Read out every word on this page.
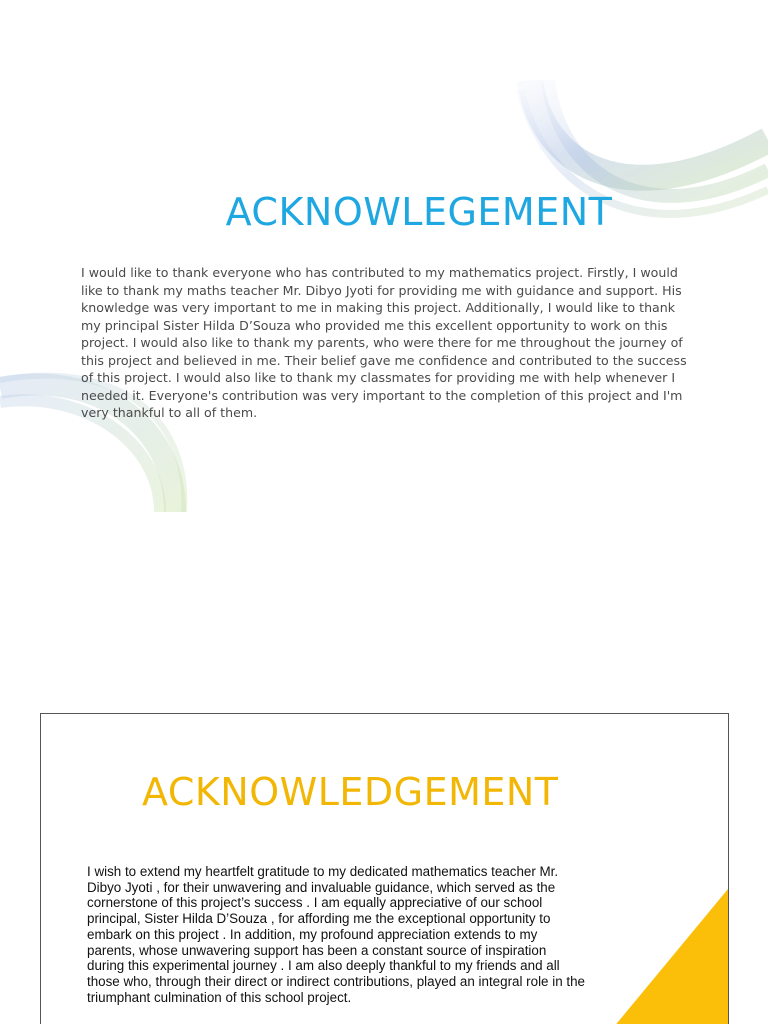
ACKNOWLEGEMENT
I would like to thank everyone who has contributed to my mathematics project. Firstly, I would like to thank my maths teacher Mr. Dibyo Jyoti for providing me with guidance and support. His knowledge was very important to me in making this project. Additionally, I would like to thank my principal Sister Hilda D’Souza who provided me this excellent opportunity to work on this project. I would also like to thank my parents, who were there for me throughout the journey of this project and believed in me. Their belief gave me confidence and contributed to the success of this project. I would also like to thank my classmates for providing me with help whenever I needed it. Everyone's contribution was very important to the completion of this project and I'm very thankful to all of them.
ACKNOWLEDGEMENT
I wish to extend my heartfelt gratitude to my dedicated mathematics teacher Mr. Dibyo Jyoti , for their unwavering and invaluable guidance, which served as the cornerstone of this project’s success . I am equally appreciative of our school principal, Sister Hilda D’Souza , for affording me the exceptional opportunity to embark on this project . In addition, my profound appreciation extends to my parents, whose unwavering support has been a constant source of inspiration during this experimental journey . I am also deeply thankful to my friends and all those who, through their direct or indirect contributions, played an integral role in the triumphant culmination of this school project.
